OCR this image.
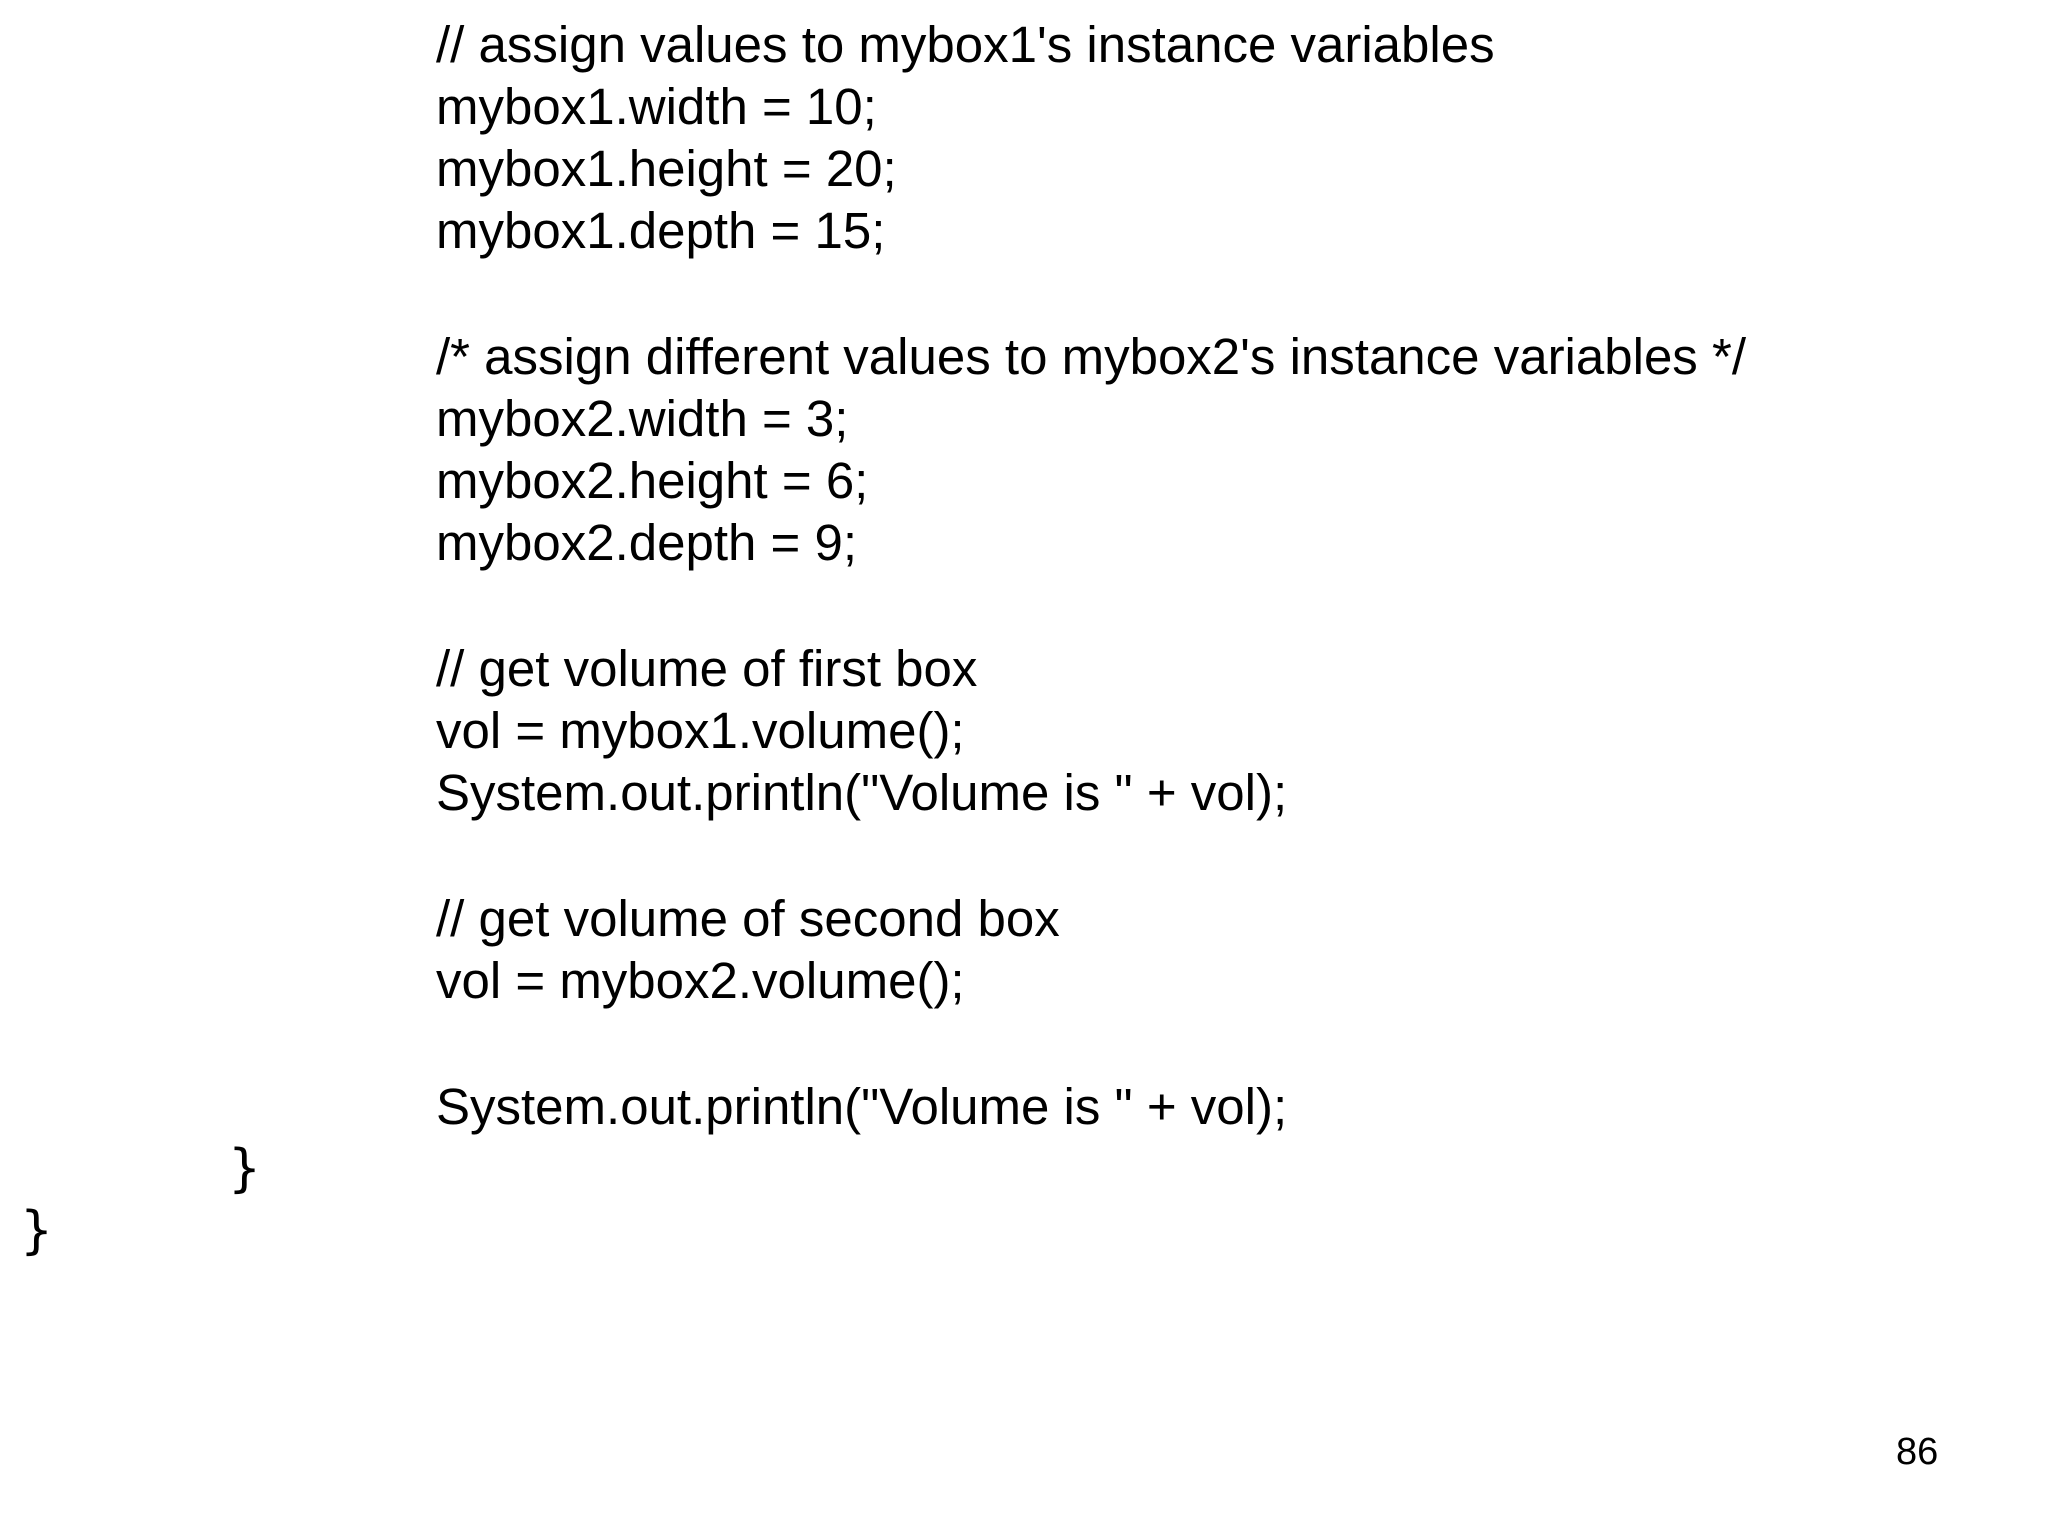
// assign values to mybox1's instance variables

mybox1.width = 10;

mybox1.height = 20;

mybox1.depth = 15;

/* assign different values to mybox2's instance variables */

mybox2.width = 3;

mybox2.height = 6;

mybox2.depth = 9;

// get volume of first box

vol = mybox1.volume();

System.out.println("Volume is " + vol);

// get volume of second box

vol = mybox2.volume();

System.out.println("Volume is " + vol);

}
}
86
